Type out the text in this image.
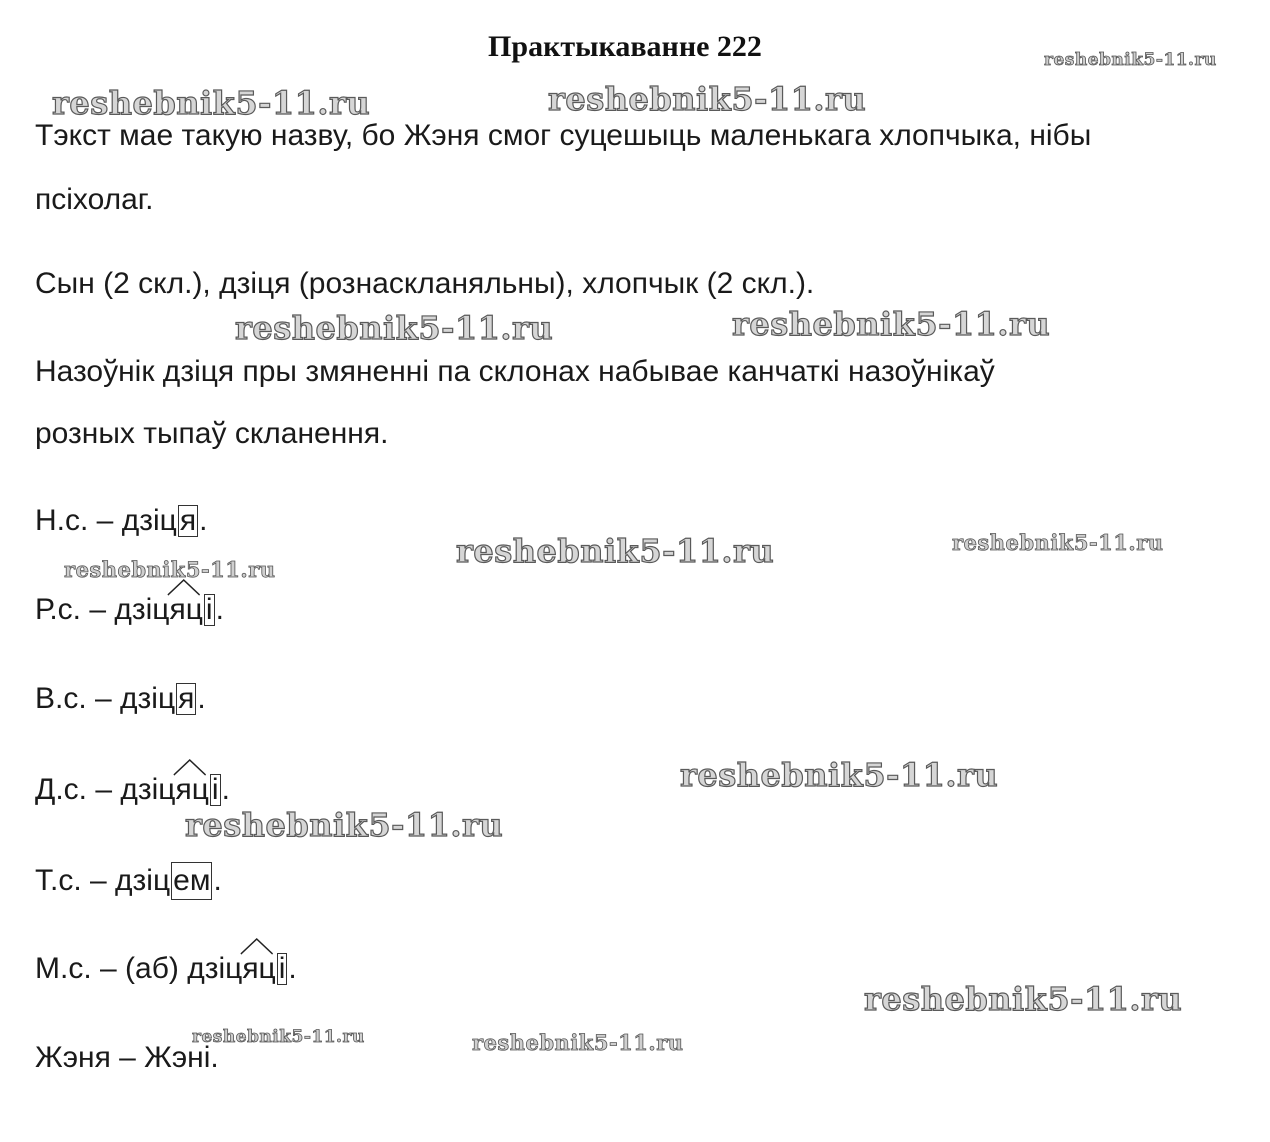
Практыкаванне 222	reshebnik5-11.ru
reshebnik5-11.ru	reshebnik5-11.ru
reshebnik5-11.ru	reshebnik5-11.ru
reshebnik5-11.ru	reshebnik5-11.ru
reshebnik5-11.ru
reshebnik5-11.ru
reshebnik5-11.ru
reshebnik5-11.ru
reshebnik5-11.ru	reshebnik5-11.ru
Тэкст мае такую назву, бо Жэня смог суцешыць маленькага хлопчыка, нібы
псіхолаг.
Сын (2 скл.), дзіця (рознаскланяльны), хлопчык (2 скл.).
Назоўнік дзіця пры змяненні па склонах набывае канчаткі назоўнікаў
розных тыпаў скланення.
Н.с. – дзіц я .
Р.с. – дзіц
яц і .
В.с. – дзіц я .
Д.с. – дзіц
яц і .
Т.с. – дзіц ем .
М.с. – (аб) дзіц
яц і .
Жэня – Жэні.
